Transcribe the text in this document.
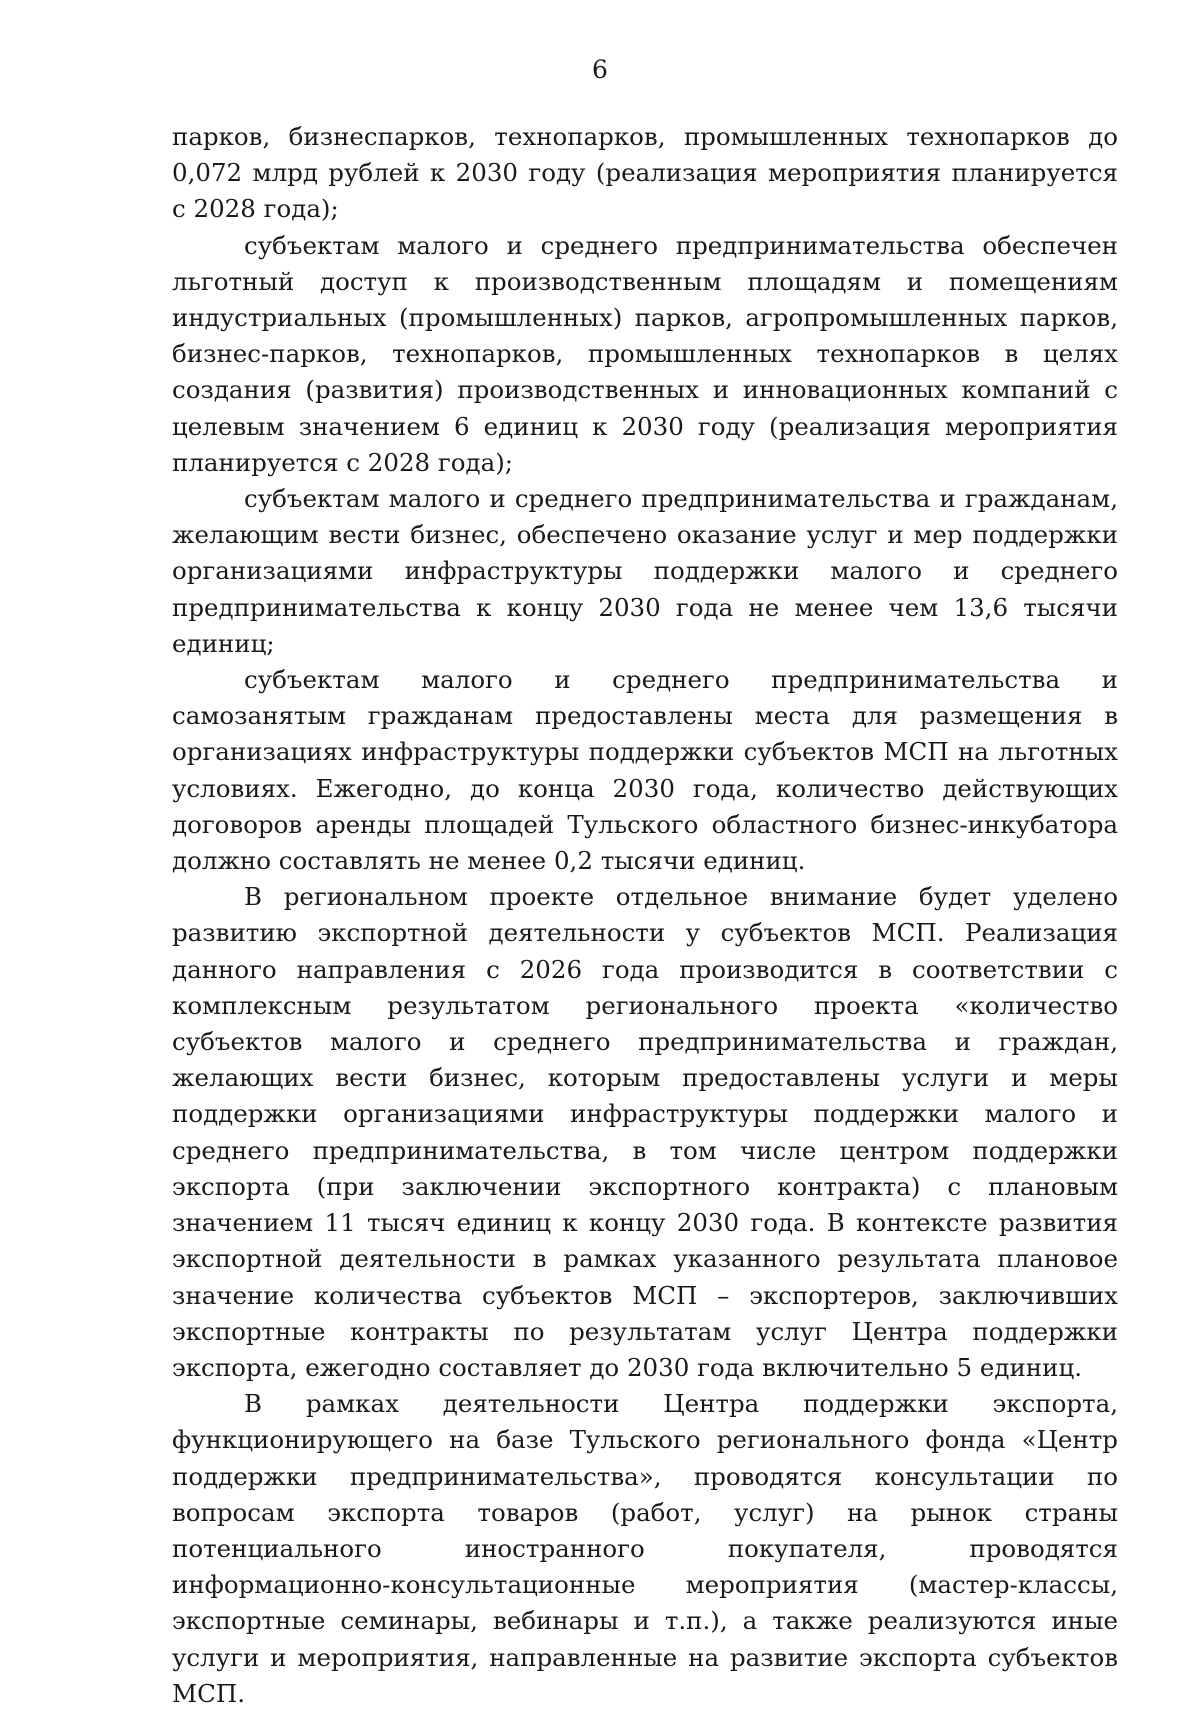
6

парков, бизнеспарков, технопарков, промышленных технопарков до 0,072 млрд рублей к 2030 году (реализация мероприятия планируется с 2028 года);

субъектам малого и среднего предпринимательства обеспечен льготный доступ к производственным площадям и помещениям индустриальных (промышленных) парков, агропромышленных парков, бизнес-парков, технопарков, промышленных технопарков в целях создания (развития) производственных и инновационных компаний с целевым значением 6 единиц к 2030 году (реализация мероприятия планируется с 2028 года);

субъектам малого и среднего предпринимательства и гражданам, желающим вести бизнес, обеспечено оказание услуг и мер поддержки организациями инфраструктуры поддержки малого и среднего предпринимательства к концу 2030 года не менее чем 13,6 тысячи единиц;

субъектам малого и среднего предпринимательства и самозанятым гражданам предоставлены места для размещения в организациях инфраструктуры поддержки субъектов МСП на льготных условиях. Ежегодно, до конца 2030 года, количество действующих договоров аренды площадей Тульского областного бизнес-инкубатора должно составлять не менее 0,2 тысячи единиц.

В региональном проекте отдельное внимание будет уделено развитию экспортной деятельности у субъектов МСП. Реализация данного направления с 2026 года производится в соответствии с комплексным результатом регионального проекта «количество субъектов малого и среднего предпринимательства и граждан, желающих вести бизнес, которым предоставлены услуги и меры поддержки организациями инфраструктуры поддержки малого и среднего предпринимательства, в том числе центром поддержки экспорта (при заключении экспортного контракта) с плановым значением 11 тысяч единиц к концу 2030 года. В контексте развития экспортной деятельности в рамках указанного результата плановое значение количества субъектов МСП – экспортеров, заключивших экспортные контракты по результатам услуг Центра поддержки экспорта, ежегодно составляет до 2030 года включительно 5 единиц.

В рамках деятельности Центра поддержки экспорта, функционирующего на базе Тульского регионального фонда «Центр поддержки предпринимательства», проводятся консультации по вопросам экспорта товаров (работ, услуг) на рынок страны потенциального иностранного покупателя, проводятся информационно-консультационные мероприятия (мастер-классы, экспортные семинары, вебинары и т.п.), а также реализуются иные услуги и мероприятия, направленные на развитие экспорта субъектов МСП.
